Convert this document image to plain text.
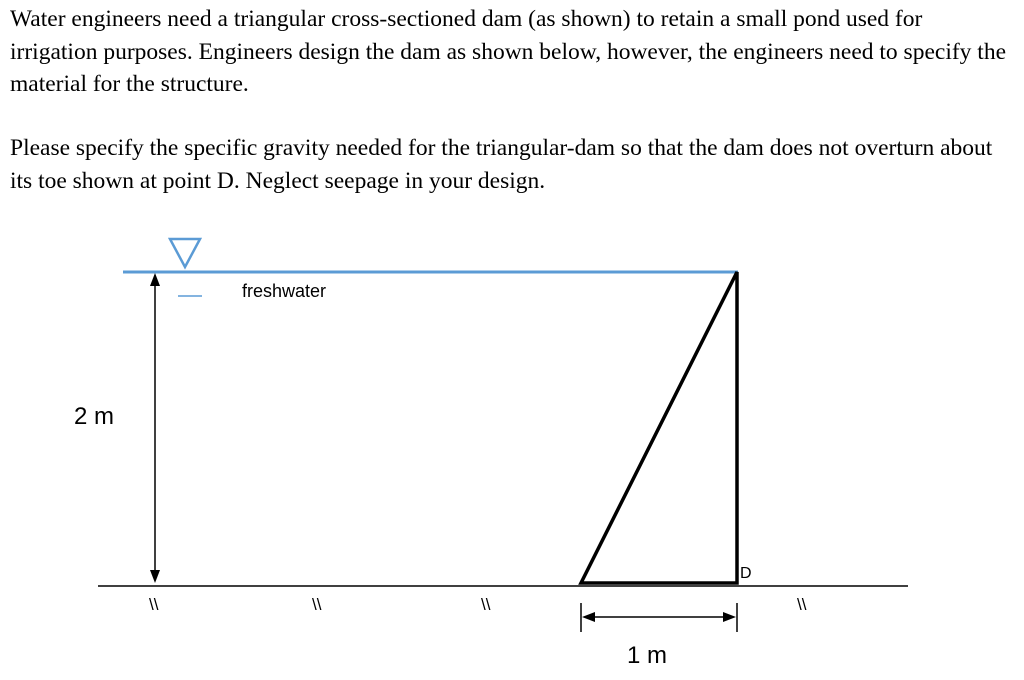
Water engineers need a triangular cross-sectioned dam (as shown) to retain a small pond used for irrigation purposes. Engineers design the dam as shown below, however, the engineers need to specify the material for the structure.

Please specify the specific gravity needed for the triangular-dam so that the dam does not overturn about its toe shown at point D. Neglect seepage in your design.

freshwater
2 m
1 m
D
\\	\\	\\	\\
